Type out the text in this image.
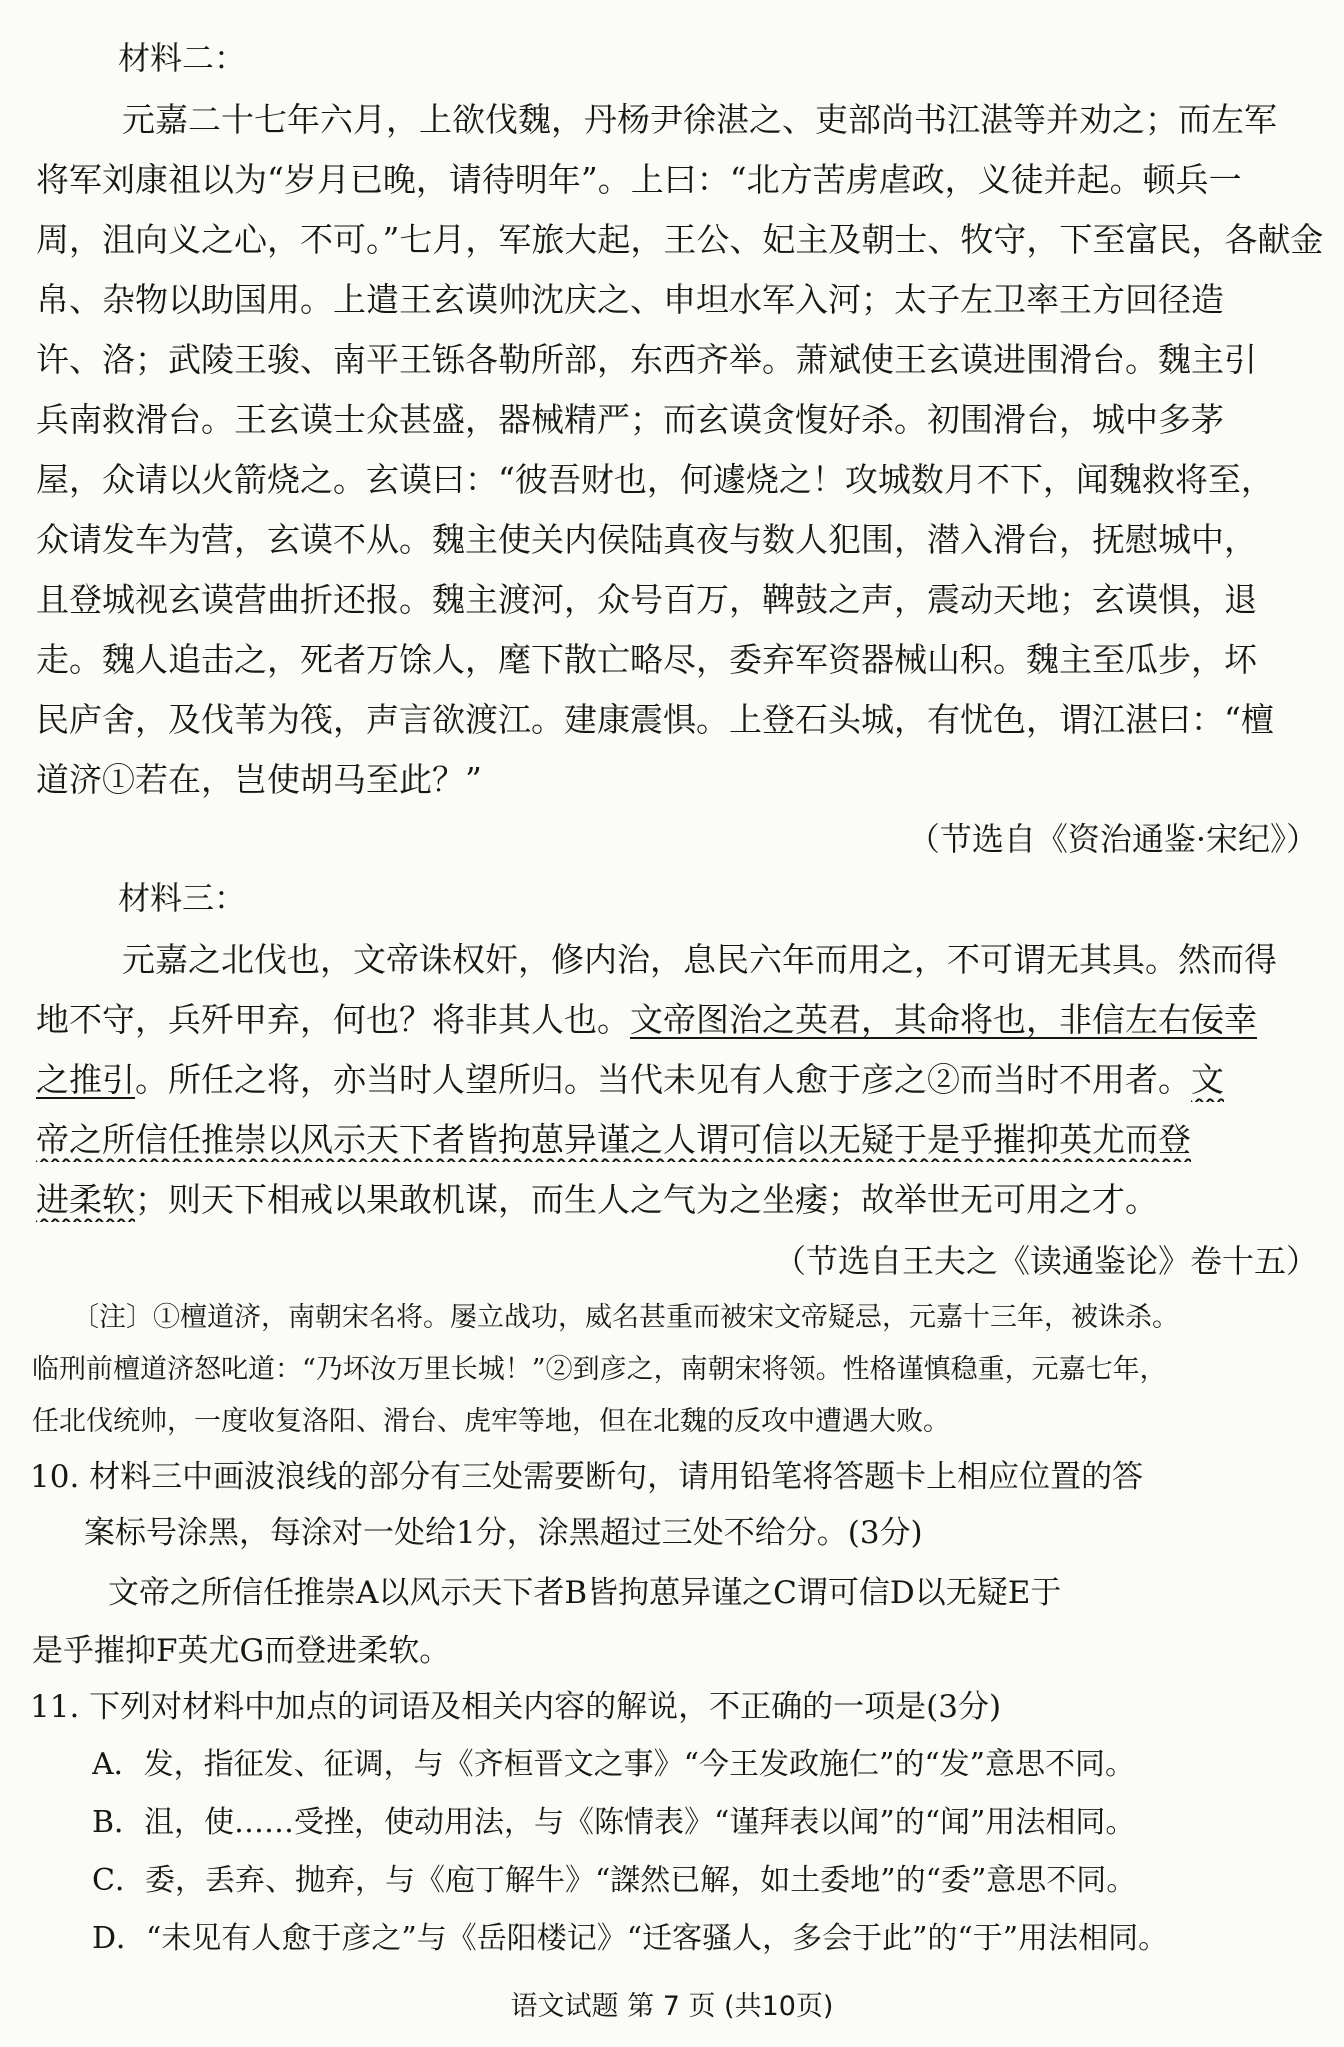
材料二：
元嘉二十七年六月，上欲伐魏，丹杨尹徐湛之、吏部尚书江湛等并劝之；而左军
将军刘康祖以为“岁月已晚，请待明年”。上曰：“北方苦虏虐政，义徒并起。顿兵一
周，沮向义之心，不可。”七月，军旅大起，王公、妃主及朝士、牧守，下至富民，各献金
帛、杂物以助国用。上遣王玄谟帅沈庆之、申坦水军入河；太子左卫率王方回径造
许、洛；武陵王骏、南平王铄各勒所部，东西齐举。萧斌使王玄谟进围滑台。魏主引
兵南救滑台。王玄谟士众甚盛，器械精严；而玄谟贪愎好杀。初围滑台，城中多茅
屋，众请以火箭烧之。玄谟曰：“彼吾财也，何遽烧之！攻城数月不下，闻魏救将至，
众请发车为营，玄谟不从。魏主使关内侯陆真夜与数人犯围，潜入滑台，抚慰城中，
且登城视玄谟营曲折还报。魏主渡河，众号百万，鞞鼓之声，震动天地；玄谟惧，退
走。魏人追击之，死者万馀人，麾下散亡略尽，委弃军资器械山积。魏主至瓜步，坏
民庐舍，及伐苇为筏，声言欲渡江。建康震惧。上登石头城，有忧色，谓江湛曰：“檀
道济①若在，岂使胡马至此？”
（节选自《资治通鉴·宋纪》）
材料三：
元嘉之北伐也，文帝诛权奸，修内治，息民六年而用之，不可谓无其具。然而得
地不守，兵歼甲弃，何也？将非其人也。文帝图治之英君，其命将也，非信左右佞幸
之推引。所任之将，亦当时人望所归。当代未见有人愈于彦之②而当时不用者。文
帝之所信任推崇以风示天下者皆拘葸异谨之人谓可信以无疑于是乎摧抑英尤而登
进柔软；则天下相戒以果敢机谋，而生人之气为之坐痿；故举世无可用之才。
（节选自王夫之《读通鉴论》卷十五）
〔注〕①檀道济，南朝宋名将。屡立战功，威名甚重而被宋文帝疑忌，元嘉十三年，被诛杀。
临刑前檀道济怒叱道：“乃坏汝万里长城！”②到彦之，南朝宋将领。性格谨慎稳重，元嘉七年，
任北伐统帅，一度收复洛阳、滑台、虎牢等地，但在北魏的反攻中遭遇大败。
10. 材料三中画波浪线的部分有三处需要断句，请用铅笔将答题卡上相应位置的答
案标号涂黑，每涂对一处给1分，涂黑超过三处不给分。(3分)
文帝之所信任推崇A以风示天下者B皆拘葸异谨之C谓可信D以无疑E于
是乎摧抑F英尤G而登进柔软。
11. 下列对材料中加点的词语及相关内容的解说，不正确的一项是(3分)
A．发，指征发、征调，与《齐桓晋文之事》“今王发政施仁”的“发”意思不同。
B．沮，使……受挫，使动用法，与《陈情表》“谨拜表以闻”的“闻”用法相同。
C．委，丢弃、抛弃，与《庖丁解牛》“謋然已解，如土委地”的“委”意思不同。
D．“未见有人愈于彦之”与《岳阳楼记》“迁客骚人，多会于此”的“于”用法相同。
语文试题 第 7 页 (共10页)
